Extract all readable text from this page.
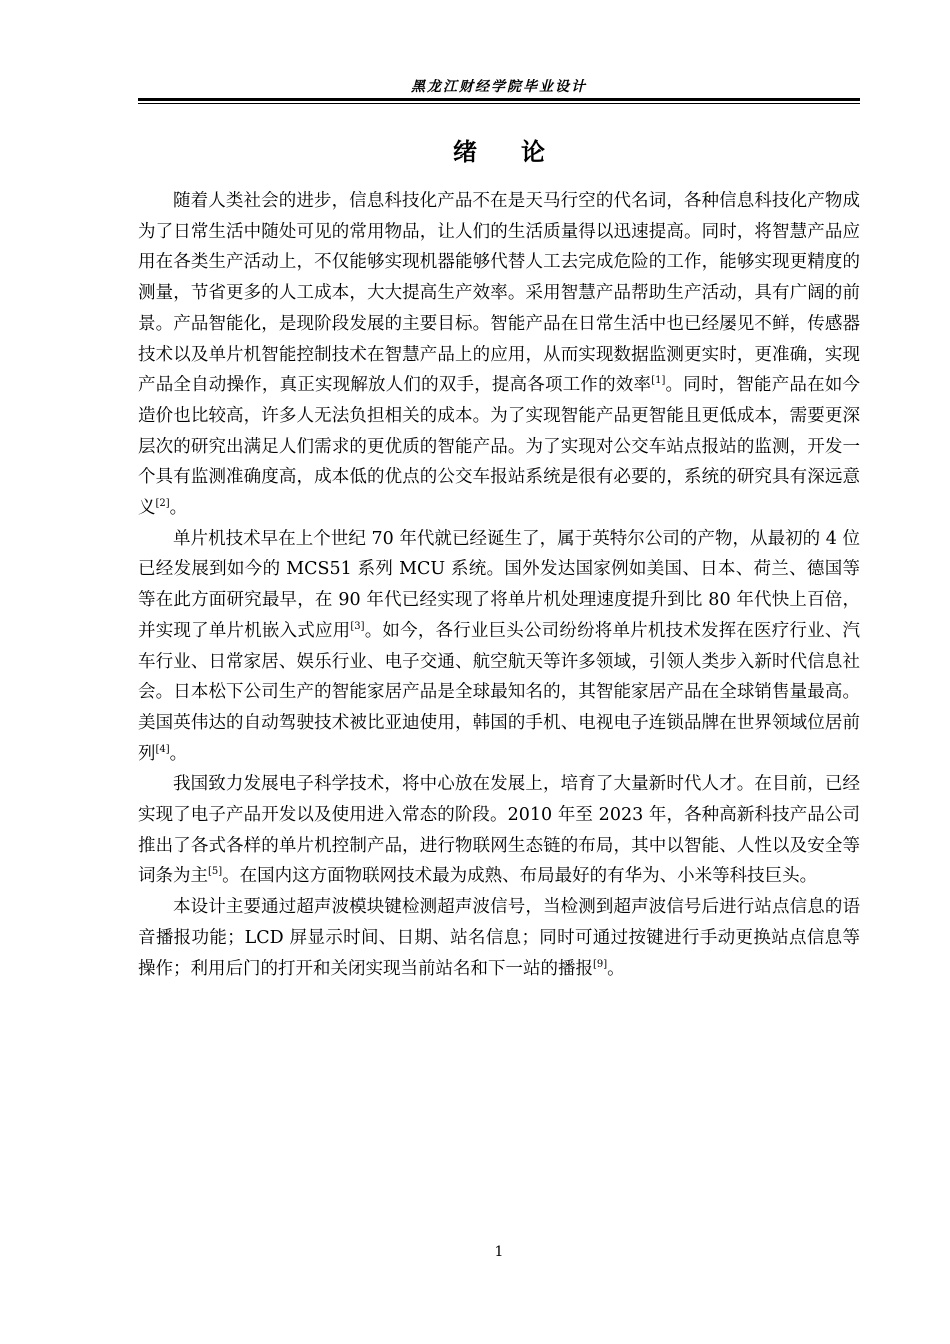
黑龙江财经学院毕业设计
绪论

随着人类社会的进步，信息科技化产品不在是天马行空的代名词，各种信息科技化产物成为了日常生活中随处可见的常用物品，让人们的生活质量得以迅速提高。同时，将智慧产品应用在各类生产活动上，不仅能够实现机器能够代替人工去完成危险的工作，能够实现更精度的测量，节省更多的人工成本，大大提高生产效率。采用智慧产品帮助生产活动，具有广阔的前景。产品智能化，是现阶段发展的主要目标。智能产品在日常生活中也已经屡见不鲜，传感器技术以及单片机智能控制技术在智慧产品上的应用，从而实现数据监测更实时，更准确，实现产品全自动操作，真正实现解放人们的双手，提高各项工作的效率[1]。同时，智能产品在如今造价也比较高，许多人无法负担相关的成本。为了实现智能产品更智能且更低成本，需要更深层次的研究出满足人们需求的更优质的智能产品。为了实现对公交车站点报站的监测，开发一个具有监测准确度高，成本低的优点的公交车报站系统是很有必要的，系统的研究具有深远意义[2]。

单片机技术早在上个世纪 70 年代就已经诞生了，属于英特尔公司的产物，从最初的 4 位已经发展到如今的 MCS51 系列 MCU 系统。国外发达国家例如美国、日本、荷兰、德国等等在此方面研究最早，在 90 年代已经实现了将单片机处理速度提升到比 80 年代快上百倍，并实现了单片机嵌入式应用[3]。如今，各行业巨头公司纷纷将单片机技术发挥在医疗行业、汽车行业、日常家居、娱乐行业、电子交通、航空航天等许多领域，引领人类步入新时代信息社会。日本松下公司生产的智能家居产品是全球最知名的，其智能家居产品在全球销售量最高。美国英伟达的自动驾驶技术被比亚迪使用，韩国的手机、电视电子连锁品牌在世界领域位居前列[4]。

我国致力发展电子科学技术，将中心放在发展上，培育了大量新时代人才。在目前，已经实现了电子产品开发以及使用进入常态的阶段。2010 年至 2023 年，各种高新科技产品公司推出了各式各样的单片机控制产品，进行物联网生态链的布局，其中以智能、人性以及安全等词条为主[5]。在国内这方面物联网技术最为成熟、布局最好的有华为、小米等科技巨头。

本设计主要通过超声波模块键检测超声波信号，当检测到超声波信号后进行站点信息的语音播报功能；LCD 屏显示时间、日期、站名信息；同时可通过按键进行手动更换站点信息等操作；利用后门的打开和关闭实现当前站名和下一站的播报[9]。

1
